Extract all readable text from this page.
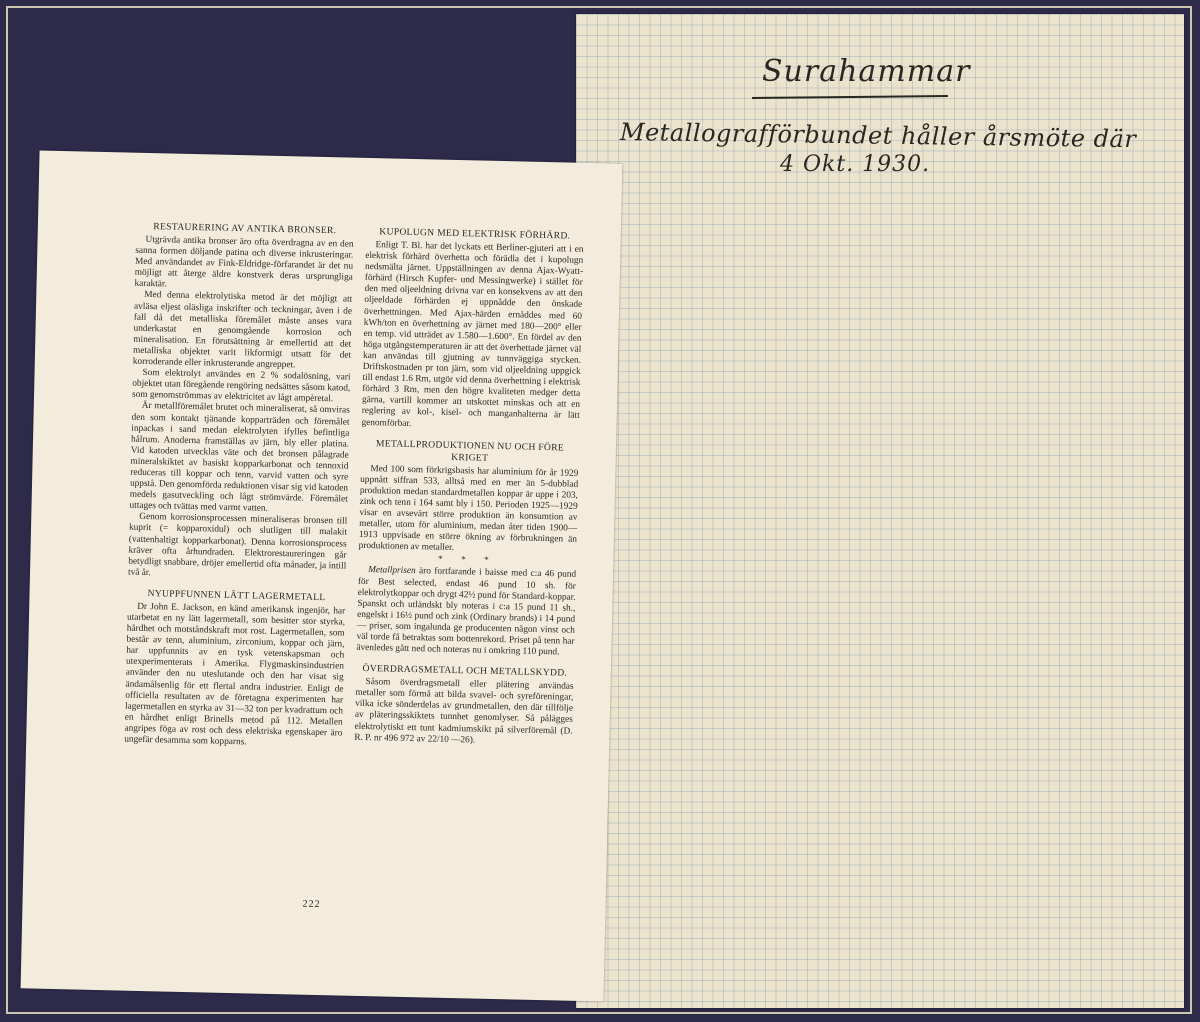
Surahammar
Metallografförbundet håller årsmöte där
4 Okt. 1930.
RESTAURERING AV ANTIKA BRONSER.

Utgrävda antika bronser äro ofta överdragna av en den sanna formen döljande patina och diverse inkrusteringar. Med användandet av Fink-Eldridge-förfarandet är det nu möjligt att återge äldre konstverk deras ursprungliga karaktär.

Med denna elektrolytiska metod är det möjligt att avläsa eljest oläsliga inskrifter och teckningar, även i de fall då det metalliska föremålet måste anses vara underkastat en genomgående korrosion och mineralisation. En förutsättning är emellertid att det metalliska objektet varit likformigt utsatt för det korroderande eller inkrusterande angreppet.

Som elektrolyt användes en 2 % sodalösning, vari objektet utan föregående rengöring nedsättes såsom katod, som genomströmmas av elektricitet av lågt ampèretal.

Är metallföremålet brutet och mineraliserat, så omviras den som kontakt tjänande kopparträden och föremålet inpackas i sand medan elektrolyten ifylles befintliga hålrum. Anoderna framställas av järn, bly eller platina. Vid katoden utvecklas väte och det bronsen pålagrade mineralskiktet av basiskt kopparkarbonat och tennoxid reduceras till koppar och tenn, varvid vatten och syre uppstå. Den genomförda reduktionen visar sig vid katoden medels gasutveckling och lågt strömvärde. Föremålet uttages och tvättas med varmt vatten.

Genom korrosionsprocessen mineraliseras bronsen till kuprit (= kopparoxidul) och slutligen till malakit (vattenhaltigt kopparkarbonat). Denna korrosionsprocess kräver ofta århundraden. Elektrorestaureringen går betydligt snabbare, dröjer emellertid ofta månader, ja intill två år.

NYUPPFUNNEN LÄTT LAGERMETALL

Dr John E. Jackson, en känd amerikansk ingenjör, har utarbetat en ny lätt lagermetall, som besitter stor styrka, hårdhet och motståndskraft mot rost. Lagermetallen, som består av tenn, aluminium, zirconium, koppar och järn, har uppfunnits av en tysk vetenskapsman och utexperimenterats i Amerika. Flygmaskinsindustrien använder den nu uteslutande och den har visat sig ändamålsenlig för ett flertal andra industrier. Enligt de officiella resultaten av de företagna experimenten har lagermetallen en styrka av 31—32 ton per kvadrattum och en hårdhet enligt Brinells metod på 112. Metallen angripes föga av rost och dess elektriska egenskaper äro ungefär desamma som kopparns.

KUPOLUGN MED ELEKTRISK FÖRHÄRD.

Enligt T. Bl. har det lyckats ett Berliner-gjuteri att i en elektrisk förhärd överhetta och förädla det i kupolugn nedsmälta järnet. Uppställningen av denna Ajax-Wyatt-förhärd (Hirsch Kupfer- und Messingwerke) i stället för den med oljeeldning drivna var en konsekvens av att den oljeeldade förhärden ej uppnådde den önskade överhettningen. Med Ajax-härden ernåddes med 60 kWh/ton en överhettning av järnet med 180—200° eller en temp. vid utträdet av 1.580—1.600°. En fördel av den höga utgångstemperaturen är att det överhettade järnet väl kan användas till gjutning av tunnväggiga stycken. Driftskostnaden pr ton järn, som vid oljeeldning uppgick till endast 1.6 Rm, utgör vid denna överhettning i elektrisk förhärd 3 Rm, men den högre kvaliteten medger detta gärna, vartill kommer att utskottet minskas och att en reglering av kol-, kisel- och manganhalterna är lätt genomförbar.

METALLPRODUKTIONEN NU OCH FÖRE KRIGET

Med 100 som förkrigsbasis har aluminium för år 1929 uppnått siffran 533, alltså med en mer än 5-dubblad produktion medan standardmetallen koppar är uppe i 203, zink och tenn i 164 samt bly i 150. Perioden 1925—1929 visar en avsevärt större produktion än konsumtion av metaller, utom för aluminium, medan åter tiden 1900—1913 uppvisade en större ökning av förbrukningen än produktionen av metaller.

* * *

Metallprisen äro fortfarande i baisse med c:a 46 pund för Best selected, endast 46 pund 10 sh. för elektrolytkoppar och drygt 42½ pund för Standard-koppar. Spanskt och utländskt bly noteras i c:a 15 pund 11 sh., engelskt i 16½ pund och zink (Ordinary brands) i 14 pund — priser, som ingalunda ge producenten någon vinst och väl torde få betraktas som bottenrekord. Priset på tenn har ävenledes gått ned och noteras nu i omkring 110 pund.

ÖVERDRAGSMETALL OCH METALLSKYDD.

Såsom överdragsmetall eller plätering användas metaller som förmå att bilda svavel- och syreföreningar, vilka icke sönderdelas av grundmetallen, den där tillfölje av pläteringsskiktets tunnhet genomlyser. Så pålägges elektrolytiskt ett tunt kadmiumskikt på silverföremål (D. R. P. nr 496 972 av 22/10 —26).

222
